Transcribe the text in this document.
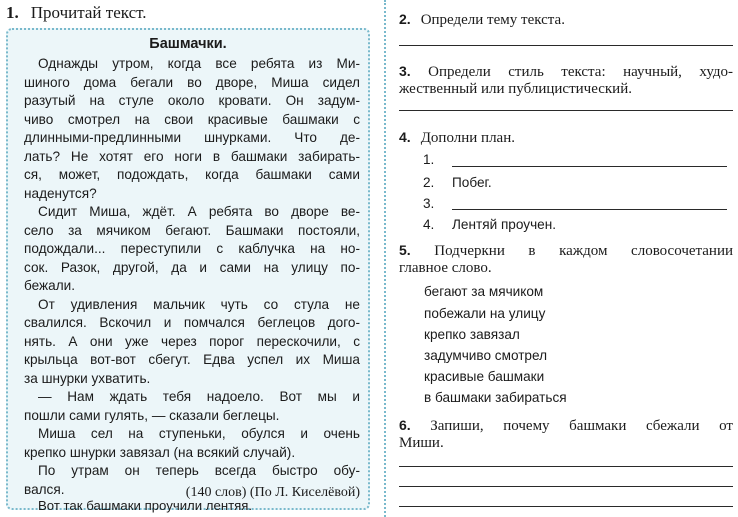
1. Прочитай текст.
Башмачки.
Однажды утром, когда все ребята из Ми-
шиного дома бегали во дворе, Миша сидел
разутый на стуле около кровати. Он задум-
чиво смотрел на свои красивые башмаки с
длинными-предлинными шнурками. Что де-
лать? Не хотят его ноги в башмаки забирать-
ся, может, подождать, когда башмаки сами
наденутся?
Сидит Миша, ждёт. А ребята во дворе ве-
село за мячиком бегают. Башмаки постояли,
подождали... переступили с каблучка на но-
сок. Разок, другой, да и сами на улицу по-
бежали.
От удивления мальчик чуть со стула не
свалился. Вскочил и помчался беглецов дого-
нять. А они уже через порог перескочили, с
крыльца вот-вот сбегут. Едва успел их Миша
за шнурки ухватить.
— Нам ждать тебя надоело. Вот мы и
пошли сами гулять, — сказали беглецы.
Миша сел на ступеньки, обулся и очень
крепко шнурки завязал (на всякий случай).
По утрам он теперь всегда быстро обу-
вался.
Вот так башмаки проучили лентяя.
(140 слов) (По Л. Киселёвой)
2. Определи тему текста.
3. Определи стиль текста: научный, худо-
жественный или публицистический.
4. Дополни план.
1.
2. Побег.
3.
4. Лентяй проучен.
5. Подчеркни в каждом словосочетании
главное слово.
бегают за мячиком
побежали на улицу
крепко завязал
задумчиво смотрел
красивые башмаки
в башмаки забираться
6. Запиши, почему башмаки сбежали от
Миши.
